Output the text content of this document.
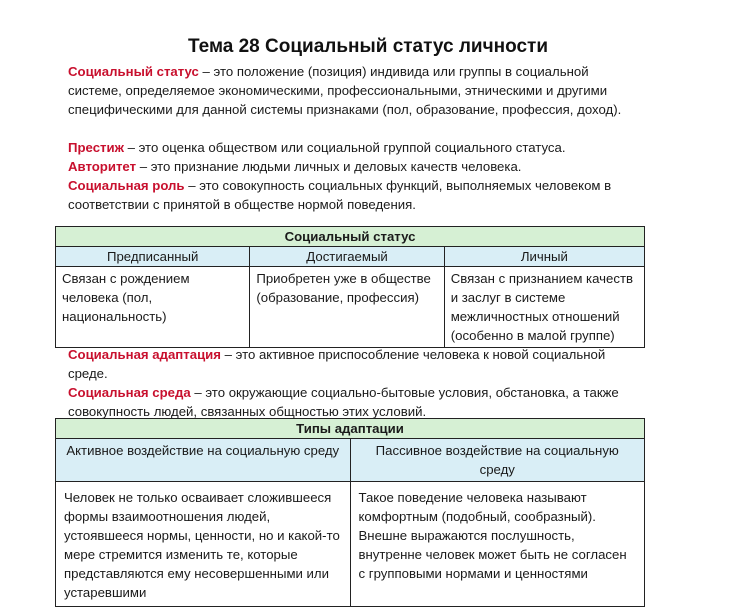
Тема 28 Социальный статус личности
Социальный статус – это положение (позиция) индивида или группы в социальной системе, определяемое экономическими, профессиональными, этническими и другими специфическими для данной системы признаками (пол, образование, профессия, доход).
Престиж – это оценка обществом или социальной группой социального статуса.
Авторитет – это признание людьми личных и деловых качеств человека.
Социальная роль – это совокупность социальных функций, выполняемых человеком в соответствии с принятой в обществе нормой поведения.
Социальный статус		
Предписанный	Достигаемый	Личный
Связан с рождением человека (пол, национальность)	Приобретен уже в обществе (образование, профессия)	Связан с признанием качеств и заслуг в системе межличностных отношений (особенно в малой группе)
Социальная адаптация – это активное приспособление человека к новой социальной среде.
Социальная среда – это окружающие социально-бытовые условия, обстановка, а также совокупность людей, связанных общностью этих условий.
Типы адаптации	
Активное воздействие на социальную среду	Пассивное воздействие на социальную среду
Человек не только осваивает сложившееся формы взаимоотношения людей, устоявшееся нормы, ценности, но и какой-то мере стремится изменить те, которые представляются ему несовершенными или устаревшими	Такое поведение человека называют комфортным (подобный, сообразный). Внешне выражаются послушность, внутренне человек может быть не согласен с групповыми нормами и ценностями
